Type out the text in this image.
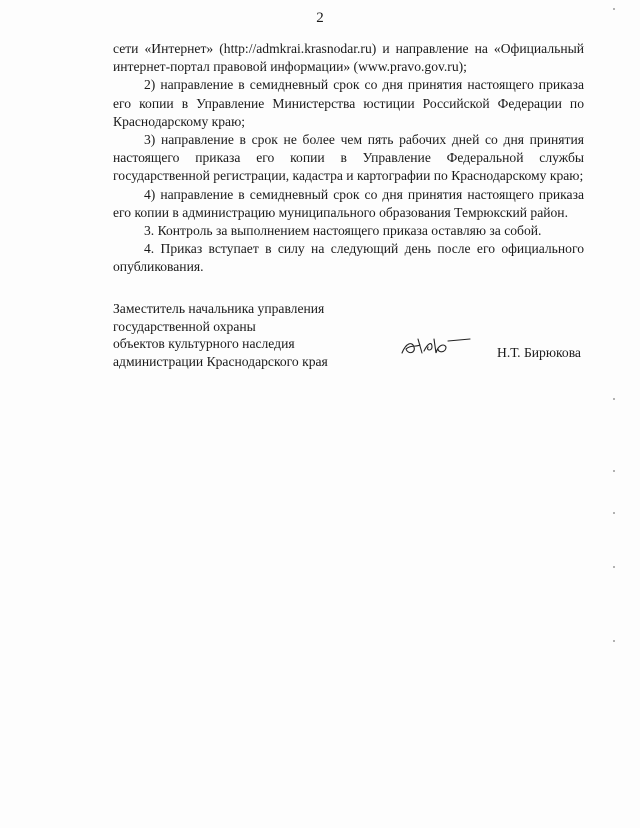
2

сети «Интернет» (http://admkrai.krasnodar.ru) и направление на «Официальный интернет-портал правовой информации» (www.pravo.gov.ru);

2) направление в семидневный срок со дня принятия настоящего приказа его копии в Управление Министерства юстиции Российской Федерации по Краснодарскому краю;

3) направление в срок не более чем пять рабочих дней со дня принятия настоящего приказа его копии в Управление Федеральной службы государственной регистрации, кадастра и картографии по Краснодарскому краю;

4) направление в семидневный срок со дня принятия настоящего приказа его копии в администрацию муниципального образования Темрюкский район.

3. Контроль за выполнением настоящего приказа оставляю за собой.

4. Приказ вступает в силу на следующий день после его официального опубликования.

Заместитель начальника управления
государственной охраны
объектов культурного наследия
администрации Краснодарского края
Н.Т. Бирюкова
